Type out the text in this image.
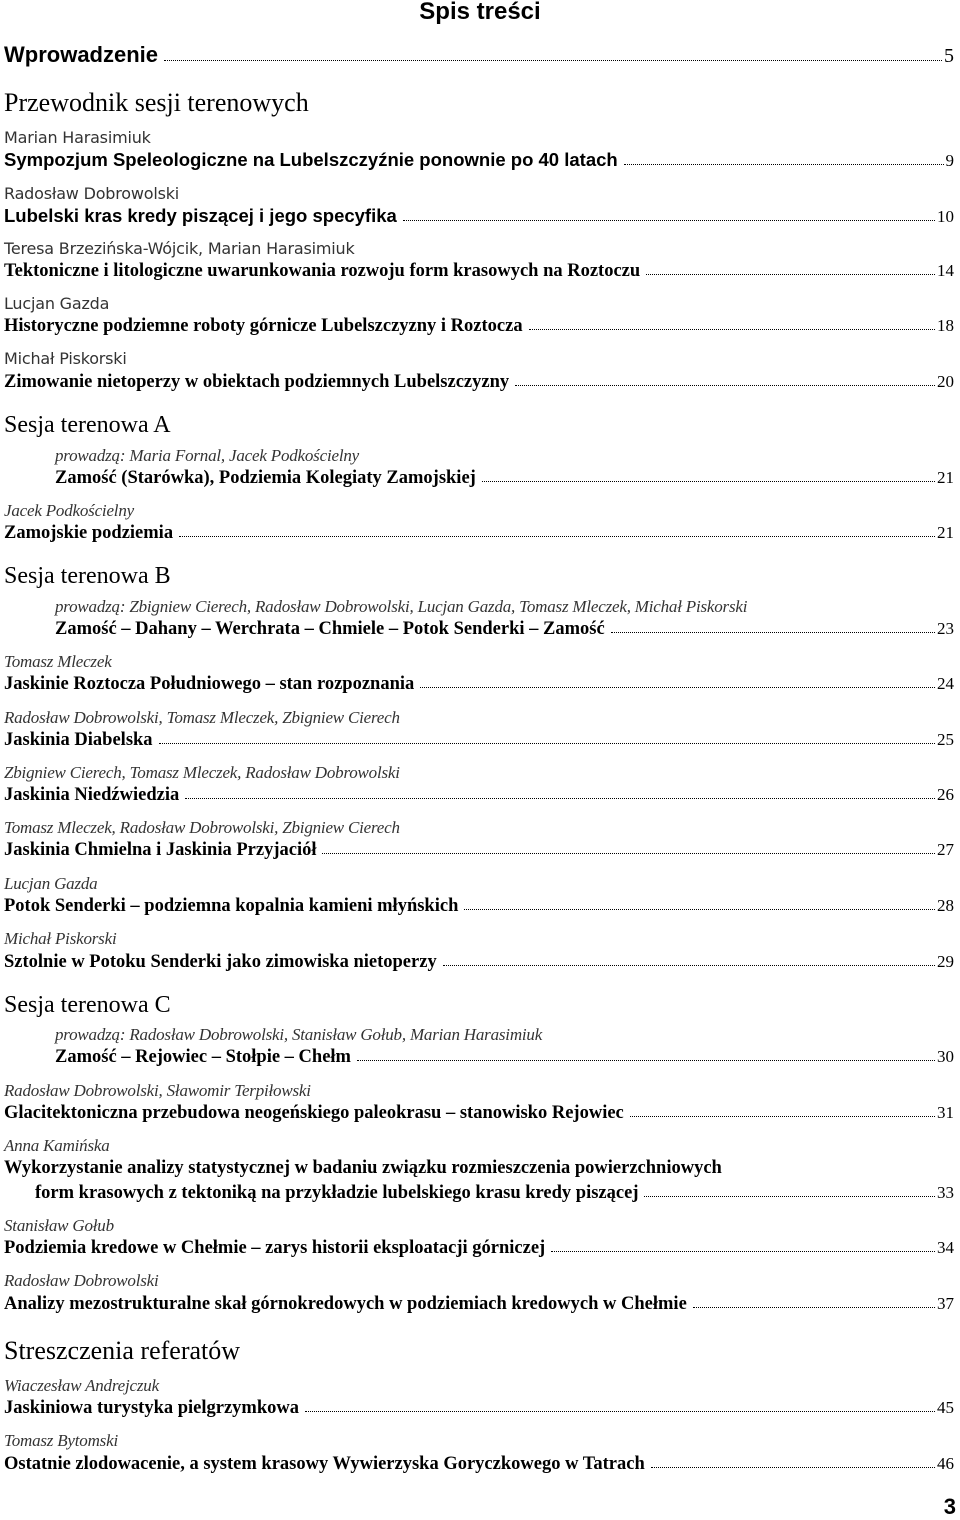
Spis treści
Wprowadzenie	5
Przewodnik sesji terenowych
Marian Harasimiuk
Sympozjum Speleologiczne na Lubelszczyźnie ponownie po 40 latach	9
Radosław Dobrowolski
Lubelski kras kredy piszącej i jego specyfika	10
Teresa Brzezińska-Wójcik, Marian Harasimiuk
Tektoniczne i litologiczne uwarunkowania rozwoju form krasowych na Roztoczu	14
Lucjan Gazda
Historyczne podziemne roboty górnicze Lubelszczyzny i Roztocza	18
Michał Piskorski
Zimowanie nietoperzy w obiektach podziemnych Lubelszczyzny	20
Sesja terenowa A
prowadzą: Maria Fornal, Jacek Podkościelny
Zamość (Starówka), Podziemia Kolegiaty Zamojskiej	21
Jacek Podkościelny
Zamojskie podziemia	21
Sesja terenowa B
prowadzą: Zbigniew Cierech, Radosław Dobrowolski, Lucjan Gazda, Tomasz Mleczek, Michał Piskorski
Zamość – Dahany – Werchrata – Chmiele – Potok Senderki – Zamość	23
Tomasz Mleczek
Jaskinie Roztocza Południowego – stan rozpoznania	24
Radosław Dobrowolski, Tomasz Mleczek, Zbigniew Cierech
Jaskinia Diabelska	25
Zbigniew Cierech, Tomasz Mleczek, Radosław Dobrowolski
Jaskinia Niedźwiedzia	26
Tomasz Mleczek, Radosław Dobrowolski, Zbigniew Cierech
Jaskinia Chmielna i Jaskinia Przyjaciół	27
Lucjan Gazda
Potok Senderki – podziemna kopalnia kamieni młyńskich	28
Michał Piskorski
Sztolnie w Potoku Senderki jako zimowiska nietoperzy	29
Sesja terenowa C
prowadzą: Radosław Dobrowolski, Stanisław Gołub, Marian Harasimiuk
Zamość – Rejowiec – Stołpie – Chełm	30
Radosław Dobrowolski, Sławomir Terpiłowski
Glacitektoniczna przebudowa neogeńskiego paleokrasu – stanowisko Rejowiec	31
Anna Kamińska
Wykorzystanie analizy statystycznej w badaniu związku rozmieszczenia powierzchniowych
form krasowych z tektoniką na przykładzie lubelskiego krasu kredy piszącej	33
Stanisław Gołub
Podziemia kredowe w Chełmie – zarys historii eksploatacji górniczej	34
Radosław Dobrowolski
Analizy mezostrukturalne skał górnokredowych w podziemiach kredowych w Chełmie	37
Streszczenia referatów
Wiaczesław Andrejczuk
Jaskiniowa turystyka pielgrzymkowa	45
Tomasz Bytomski
Ostatnie zlodowacenie, a system krasowy Wywierzyska Goryczkowego w Tatrach	46
3
